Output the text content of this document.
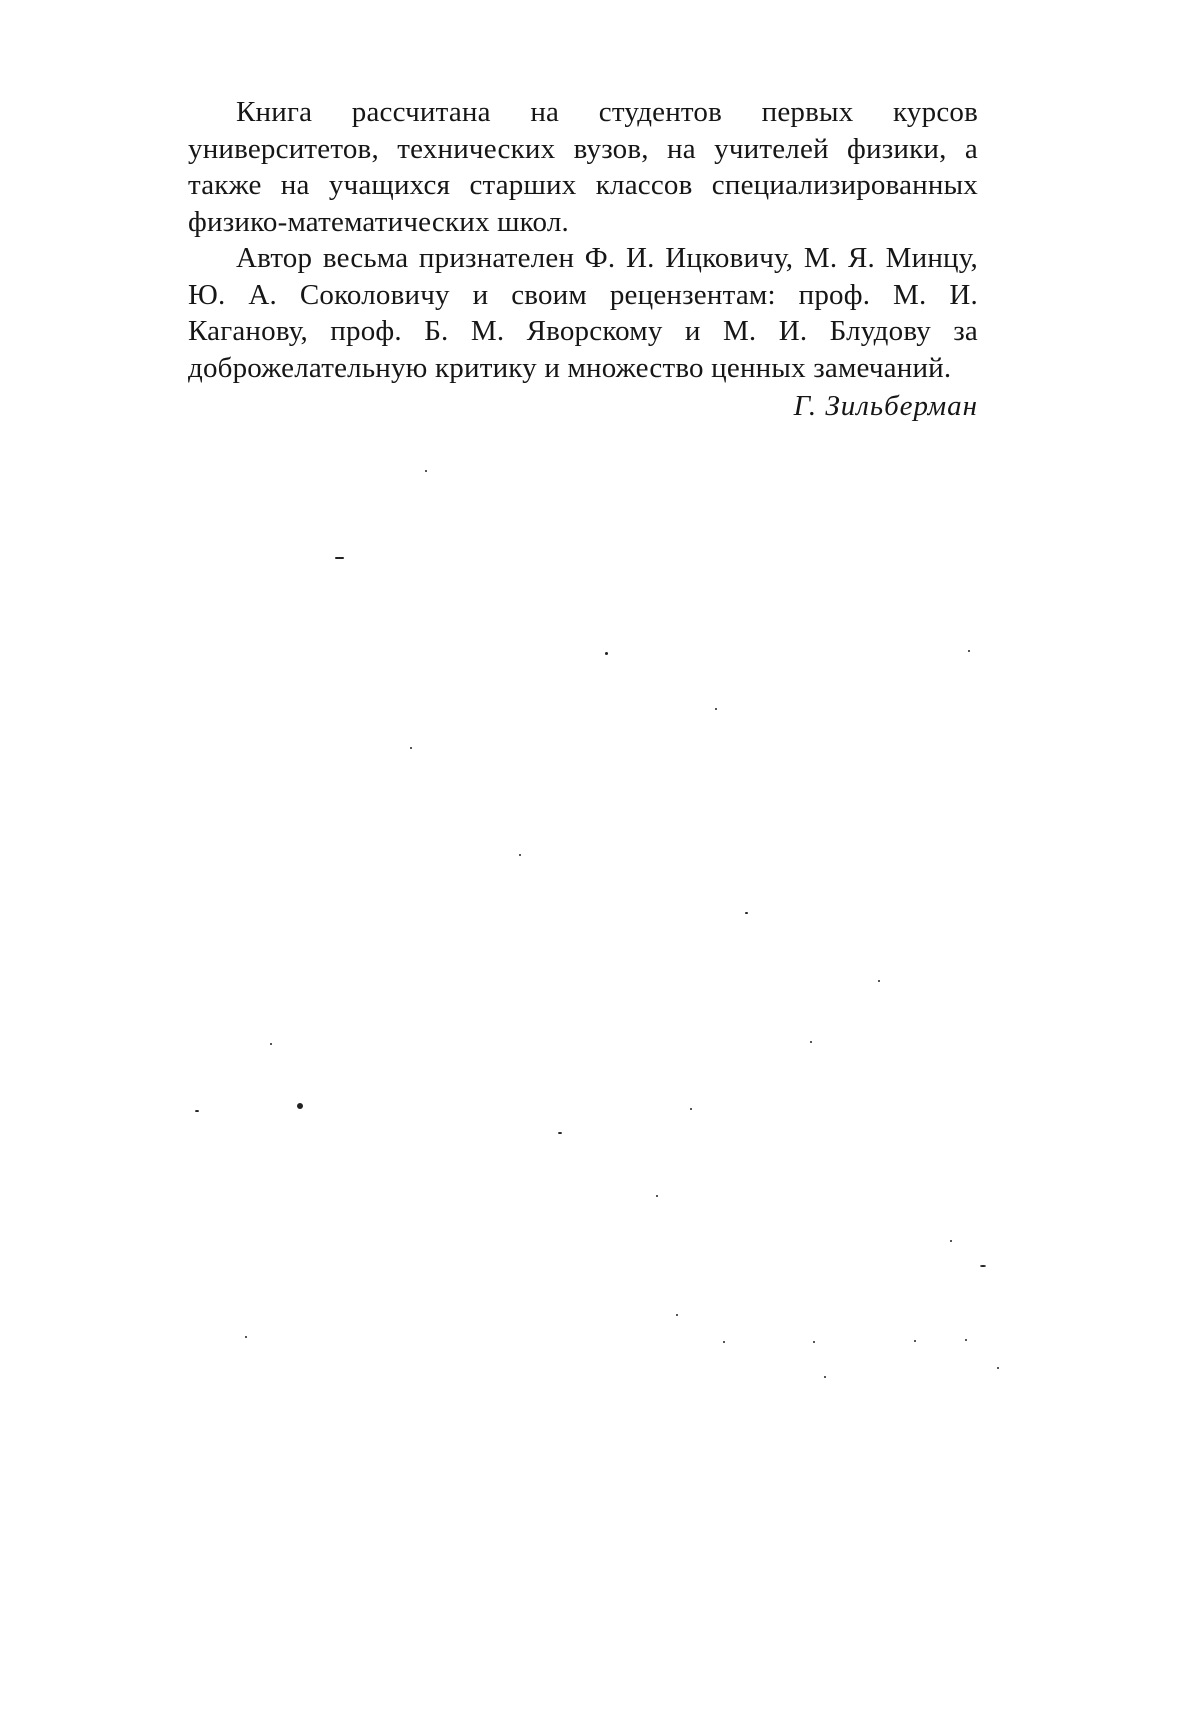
Книга рассчитана на студентов первых курсов университетов, технических вузов, на учителей физики, а также на учащихся старших классов специализированных физико-математических школ.

Автор весьма признателен Ф. И. Ицковичу, М. Я. Минцу, Ю. А. Соколовичу и своим рецензентам: проф. М. И. Каганову, проф. Б. М. Яворскому и М. И. Блудову за доброжелательную критику и множество ценных замечаний.

Г. Зильберман
